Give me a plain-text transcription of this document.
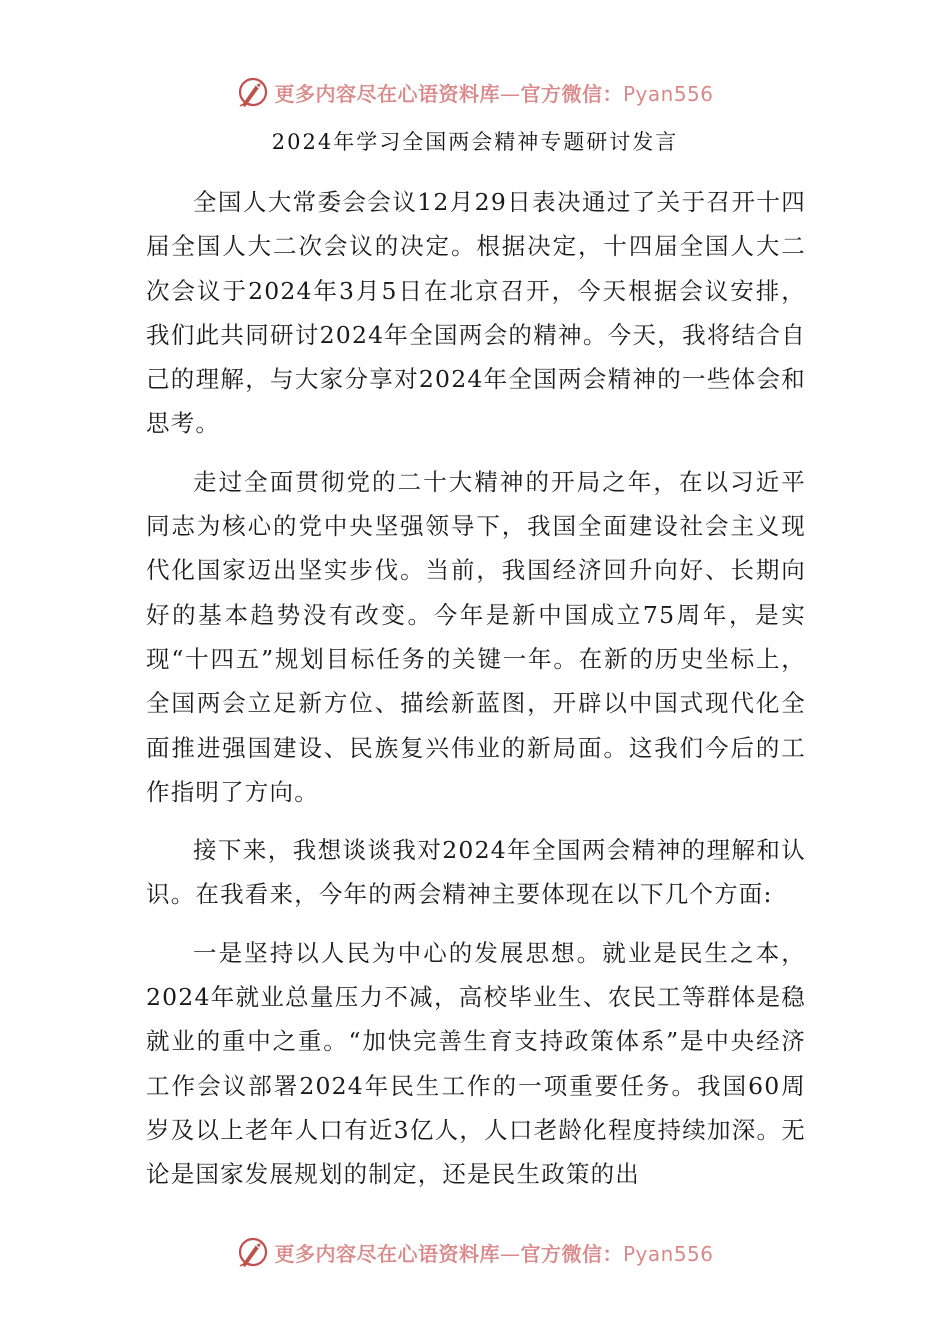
更多内容尽在心语资料库—官方微信：Pyan556
2024年学习全国两会精神专题研讨发言

全国人大常委会会议12月29日表决通过了关于召开十四届全国人大二次会议的决定。根据决定，十四届全国人大二次会议于2024年3月5日在北京召开，今天根据会议安排，我们此共同研讨2024年全国两会的精神。今天，我将结合自己的理解，与大家分享对2024年全国两会精神的一些体会和思考。

走过全面贯彻党的二十大精神的开局之年，在以习近平同志为核心的党中央坚强领导下，我国全面建设社会主义现代化国家迈出坚实步伐。当前，我国经济回升向好、长期向好的基本趋势没有改变。今年是新中国成立75周年，是实现“十四五”规划目标任务的关键一年。在新的历史坐标上，全国两会立足新方位、描绘新蓝图，开辟以中国式现代化全面推进强国建设、民族复兴伟业的新局面。这我们今后的工作指明了方向。

接下来，我想谈谈我对2024年全国两会精神的理解和认识。在我看来，今年的两会精神主要体现在以下几个方面:

一是坚持以人民为中心的发展思想。就业是民生之本，2024年就业总量压力不减，高校毕业生、农民工等群体是稳就业的重中之重。“加快完善生育支持政策体系”是中央经济工作会议部署2024年民生工作的一项重要任务。我国60周岁及以上老年人口有近3亿人，人口老龄化程度持续加深。无论是国家发展规划的制定，还是民生政策的出

更多内容尽在心语资料库—官方微信：Pyan556
